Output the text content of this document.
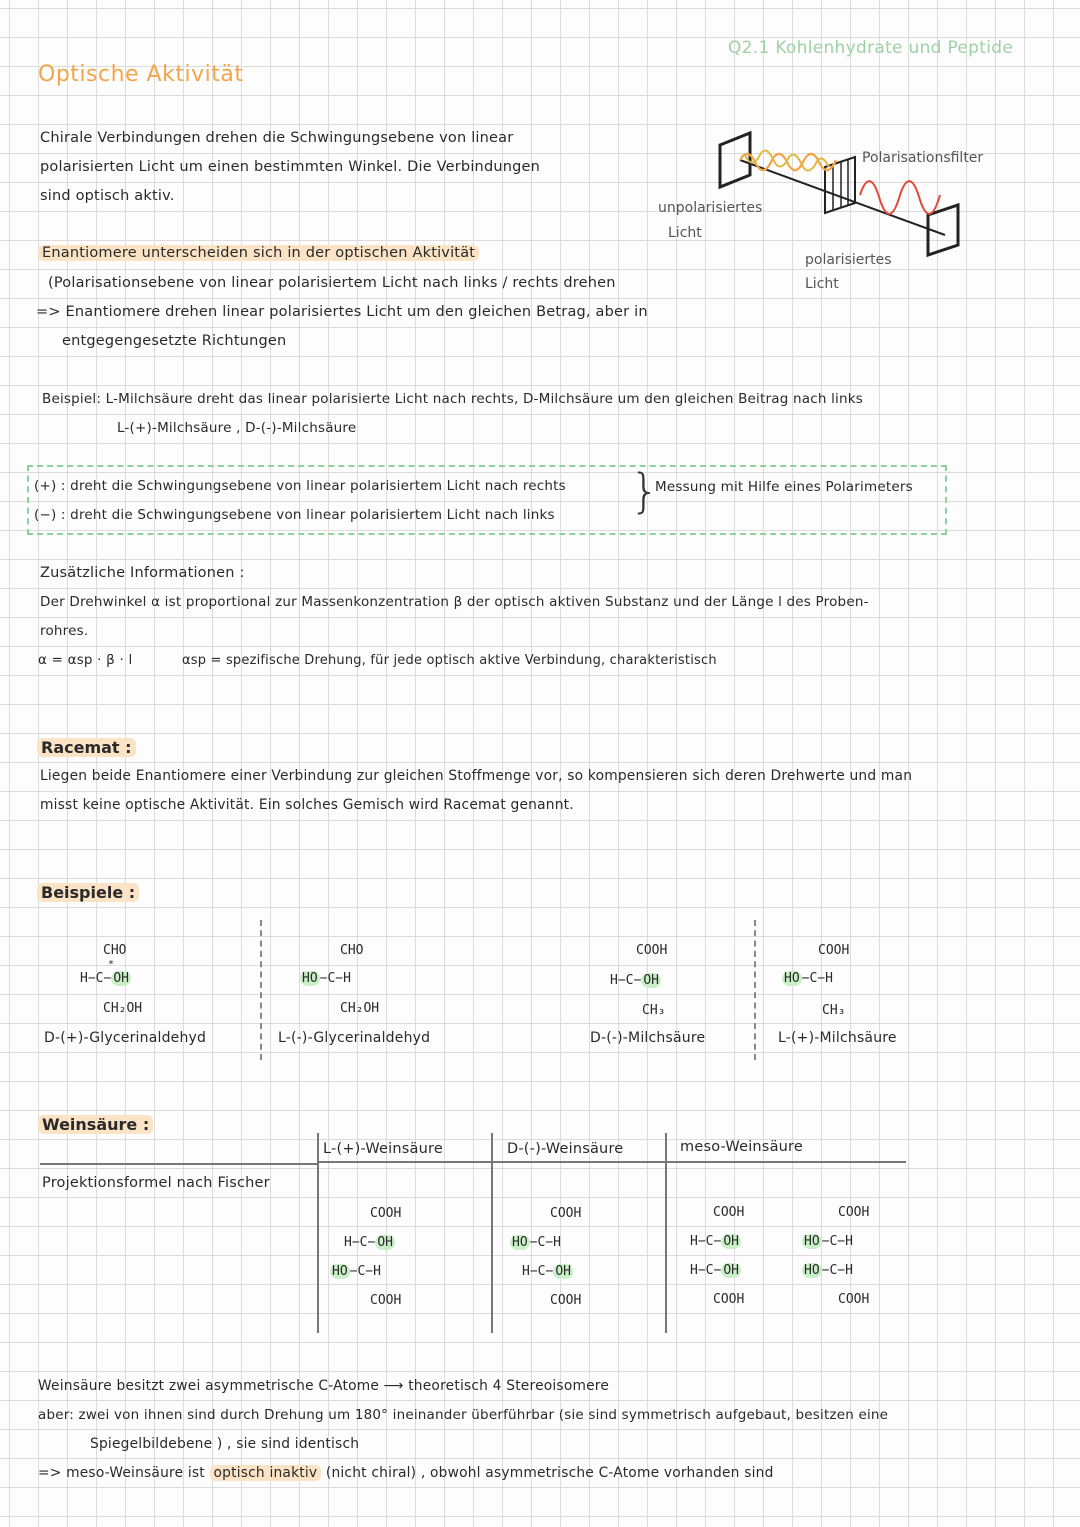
Q2.1 Kohlenhydrate und Peptide
Optische Aktivität
Chirale Verbindungen drehen die Schwingungsebene von linear
polarisierten Licht um einen bestimmten Winkel. Die Verbindungen
sind optisch aktiv.
Polarisationsfilter
unpolarisiertes
Licht
polarisiertes
Licht
Enantiomere unterscheiden sich in der optischen Aktivität
(Polarisationsebene von linear polarisiertem Licht nach links / rechts drehen
=> Enantiomere drehen linear polarisiertes Licht um den gleichen Betrag, aber in
entgegengesetzte Richtungen
Beispiel: L-Milchsäure dreht das linear polarisierte Licht nach rechts, D-Milchsäure um den gleichen Beitrag nach links
L-(+)-Milchsäure , D-(-)-Milchsäure
(+) : dreht die Schwingungsebene von linear polarisiertem Licht nach rechts
(−) : dreht die Schwingungsebene von linear polarisiertem Licht nach links }
Messung mit Hilfe eines Polarimeters
Zusätzliche Informationen :
Der Drehwinkel α ist proportional zur Massenkonzentration β der optisch aktiven Substanz und der Länge l des Proben-
rohres.
α = αsp · β · l	αsp = spezifische Drehung, für jede optisch aktive Verbindung, charakteristisch
Racemat :
Liegen beide Enantiomere einer Verbindung zur gleichen Stoffmenge vor, so kompensieren sich deren Drehwerte und man
misst keine optische Aktivität. Ein solches Gemisch wird Racemat genannt.
Beispiele :
CHO
H−C− OH
*
CH₂OH
D-(+)-Glycerinaldehyd
CHO
HO −C−H
CH₂OH
L-(-)-Glycerinaldehyd
COOH
H−C− OH
CH₃
D-(-)-Milchsäure
COOH
HO −C−H
CH₃
L-(+)-Milchsäure
Weinsäure :
L-(+)-Weinsäure	D-(-)-Weinsäure	meso-Weinsäure
Projektionsformel nach Fischer
COOH
H−C− OH
HO −C−H
COOH
COOH
HO −C−H
H−C− OH
COOH
COOH
H−C− OH
H−C− OH
COOH
COOH
HO −C−H
HO −C−H
COOH
Weinsäure besitzt zwei asymmetrische C-Atome ⟶ theoretisch 4 Stereoisomere
aber: zwei von ihnen sind durch Drehung um 180° ineinander überführbar (sie sind symmetrisch aufgebaut, besitzen eine
Spiegelbildebene ) , sie sind identisch
=> meso-Weinsäure ist optisch inaktiv (nicht chiral) , obwohl asymmetrische C-Atome vorhanden sind
